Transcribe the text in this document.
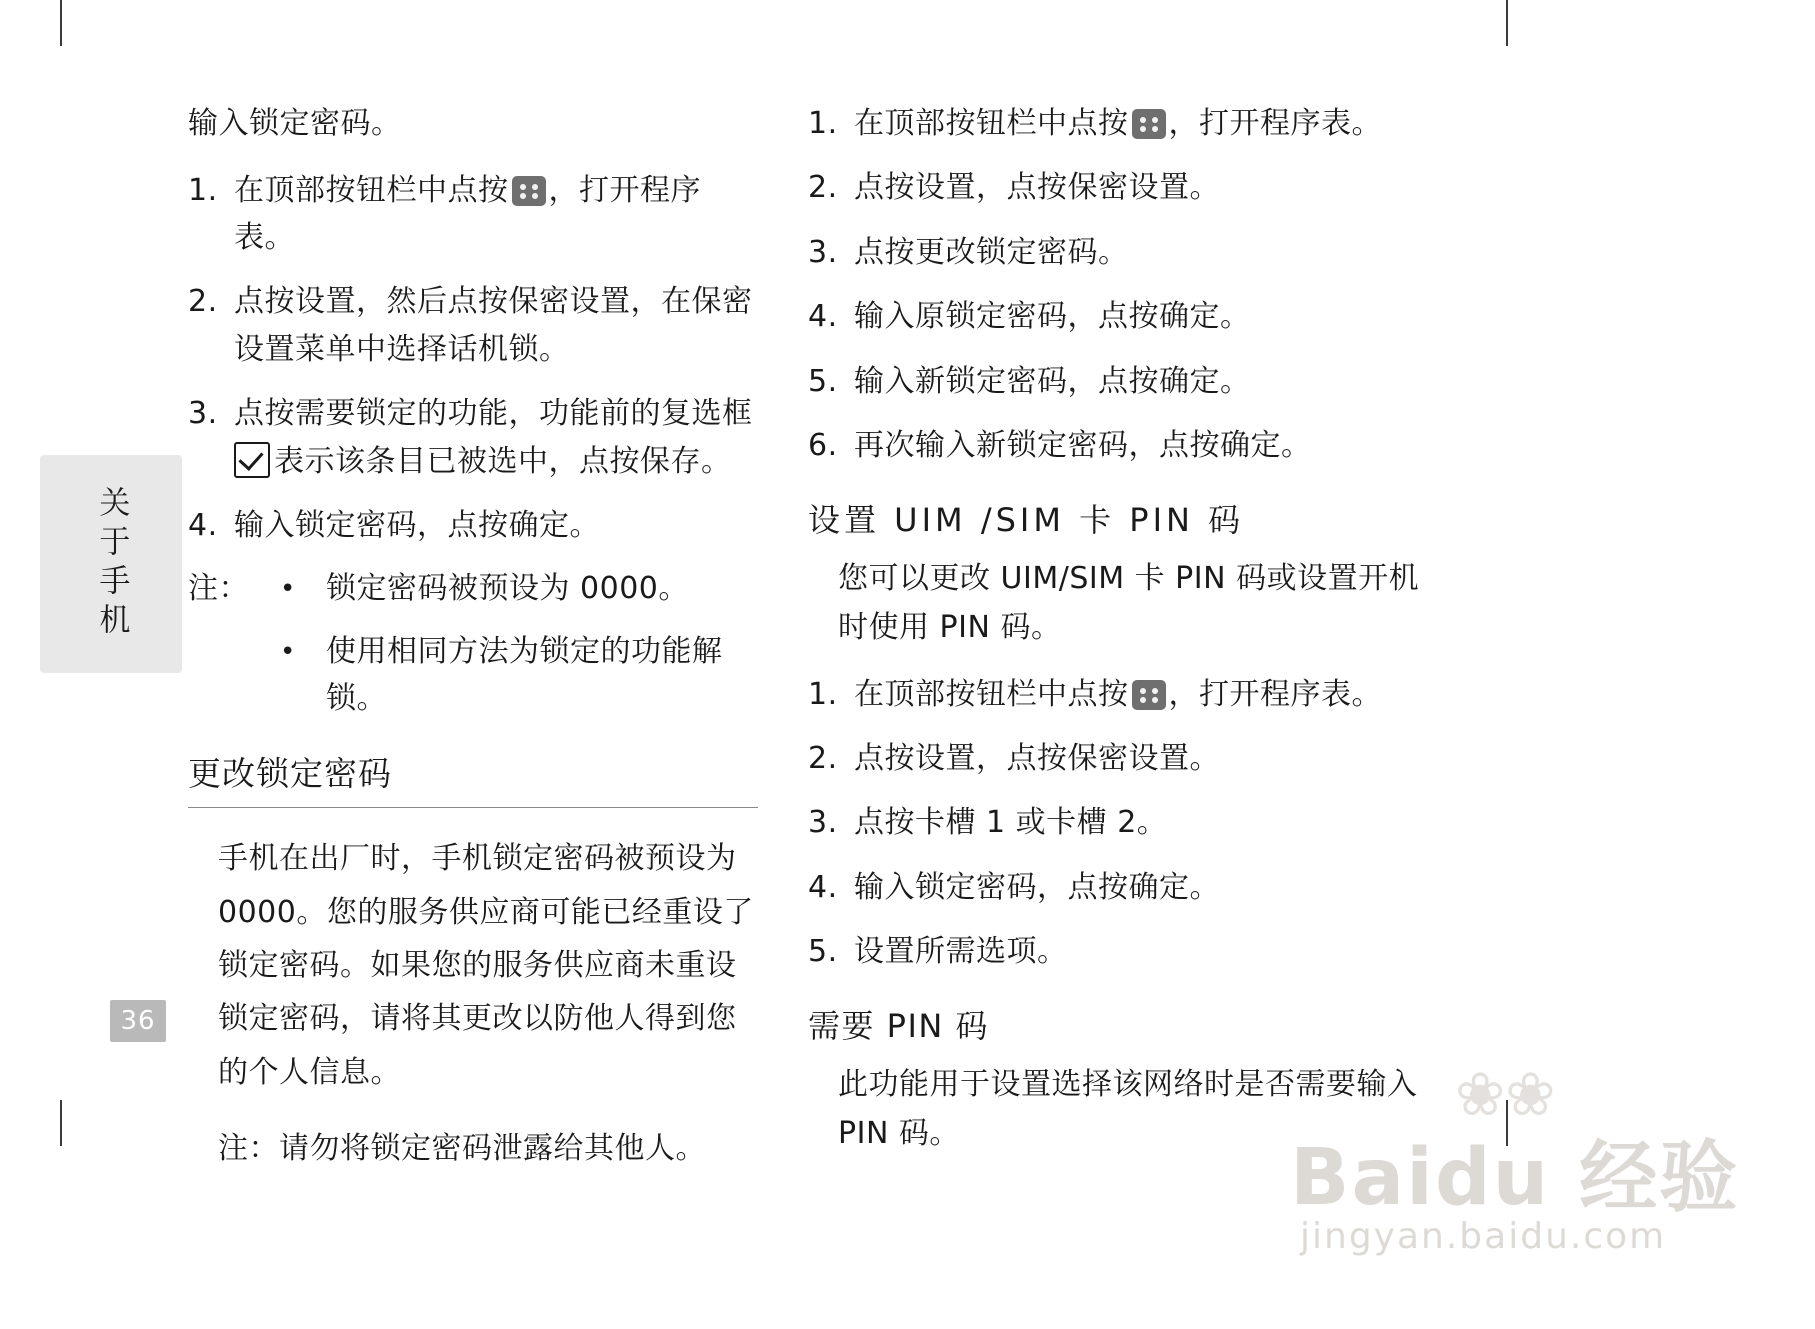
关于手机
36

输入锁定密码。

1. 在顶部按钮栏中点按 ，打开程序表。
2. 点按设置，然后点按保密设置，在保密设置菜单中选择话机锁。
3. 点按需要锁定的功能，功能前的复选框 表示该条目已被选中，点按保存。
4. 输入锁定密码，点按确定。
注：	•	锁定密码被预设为 0000。
•	使用相同方法为锁定的功能解锁。
更改锁定密码

手机在出厂时，手机锁定密码被预设为 0000。您的服务供应商可能已经重设了锁定密码。如果您的服务供应商未重设锁定密码，请将其更改以防他人得到您的个人信息。

注：请勿将锁定密码泄露给其他人。

1. 在顶部按钮栏中点按 ，打开程序表。
2. 点按设置，点按保密设置。
3. 点按更改锁定密码。
4. 输入原锁定密码，点按确定。
5. 输入新锁定密码，点按确定。
6. 再次输入新锁定密码，点按确定。
设置 UIM /SIM 卡 PIN 码

您可以更改 UIM/SIM 卡 PIN 码或设置开机时使用 PIN 码。

1. 在顶部按钮栏中点按 ，打开程序表。
2. 点按设置，点按保密设置。
3. 点按卡槽 1 或卡槽 2。
4. 输入锁定密码，点按确定。
5. 设置所需选项。
需要 PIN 码

此功能用于设置选择该网络时是否需要输入 PIN 码。

❀❀
Baidu 经验
jingyan.baidu.com
